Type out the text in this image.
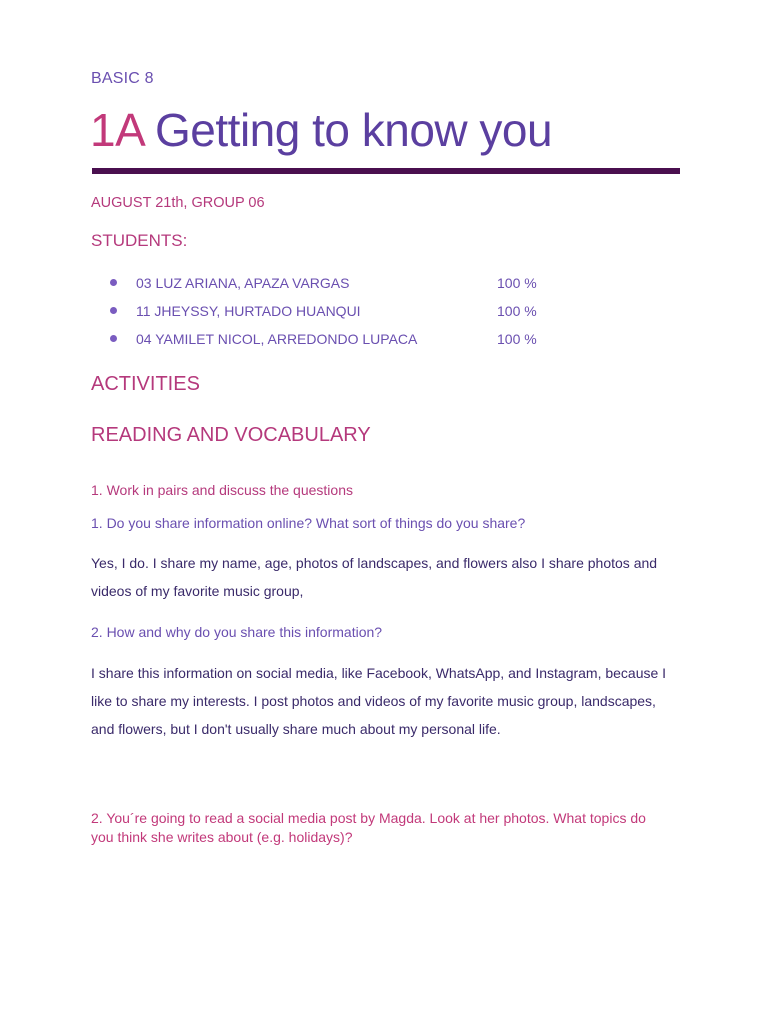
BASIC 8
1A Getting to know you
AUGUST 21th, GROUP 06
STUDENTS:
03 LUZ ARIANA, APAZA VARGAS	100 %
11 JHEYSSY, HURTADO HUANQUI	100 %
04 YAMILET NICOL, ARREDONDO LUPACA	100 %
ACTIVITIES
READING AND VOCABULARY
1. Work in pairs and discuss the questions
1. Do you share information online? What sort of things do you share?

Yes, I do. I share my name, age, photos of landscapes, and flowers also I share photos and videos of my favorite music group,

2. How and why do you share this information?

I share this information on social media, like Facebook, WhatsApp, and Instagram, because I like to share my interests. I post photos and videos of my favorite music group, landscapes, and flowers, but I don't usually share much about my personal life.

2. You´re going to read a social media post by Magda. Look at her photos. What topics do you think she writes about (e.g. holidays)?
